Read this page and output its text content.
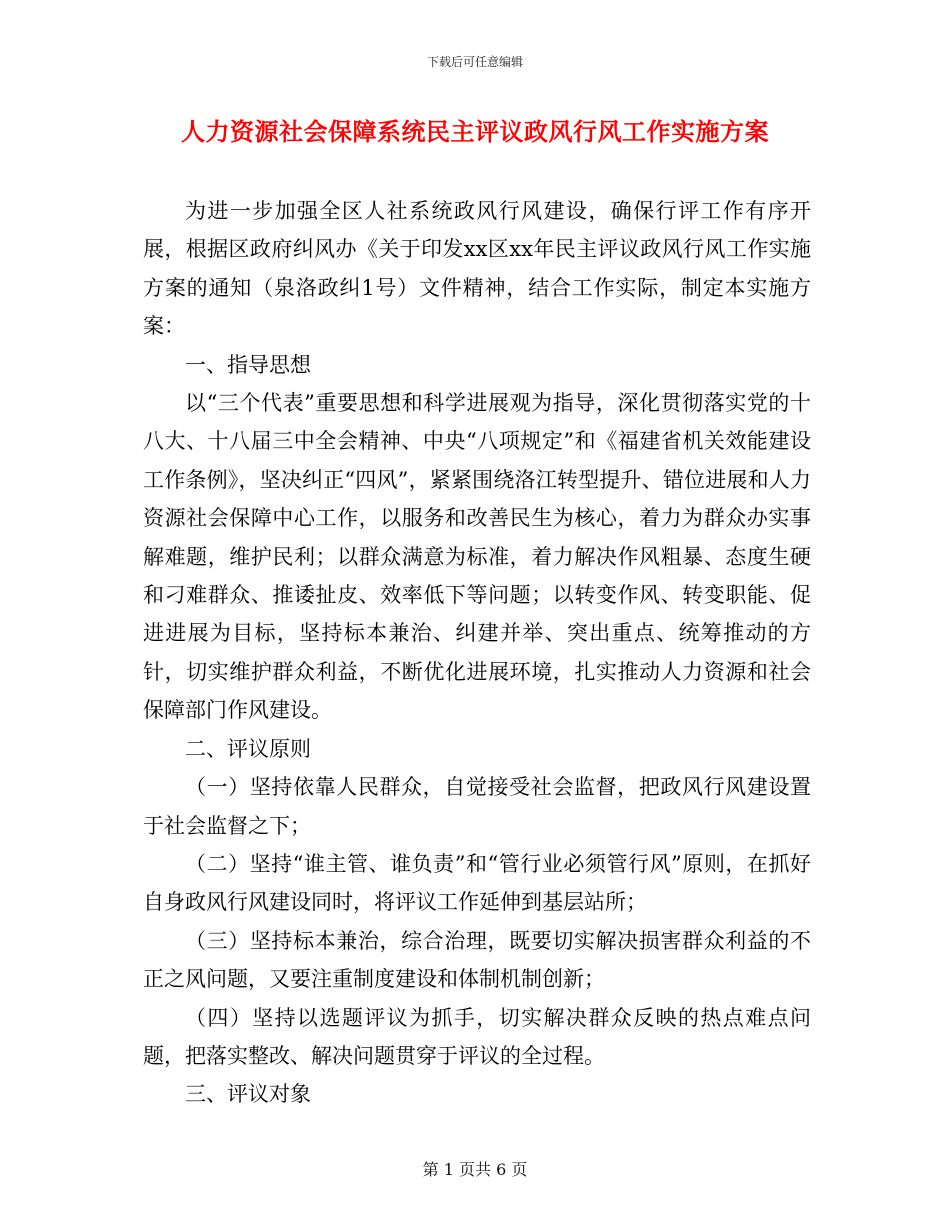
下载后可任意编辑
人力资源社会保障系统民主评议政风行风工作实施方案

为进一步加强全区人社系统政风行风建设，确保行评工作有序开展，根据区政府纠风办《关于印发xx区xx年民主评议政风行风工作实施方案的通知（泉洛政纠1号）文件精神，结合工作实际，制定本实施方案：

一、指导思想

以“三个代表”重要思想和科学进展观为指导，深化贯彻落实党的十八大、十八届三中全会精神、中央“八项规定”和《福建省机关效能建设工作条例》，坚决纠正“四风”，紧紧围绕洛江转型提升、错位进展和人力资源社会保障中心工作，以服务和改善民生为核心，着力为群众办实事解难题，维护民利；以群众满意为标准，着力解决作风粗暴、态度生硬和刁难群众、推诿扯皮、效率低下等问题；以转变作风、转变职能、促进进展为目标，坚持标本兼治、纠建并举、突出重点、统筹推动的方针，切实维护群众利益，不断优化进展环境，扎实推动人力资源和社会保障部门作风建设。

二、评议原则

（一）坚持依靠人民群众，自觉接受社会监督，把政风行风建设置于社会监督之下；

（二）坚持“谁主管、谁负责”和“管行业必须管行风”原则，在抓好自身政风行风建设同时，将评议工作延伸到基层站所；

（三）坚持标本兼治，综合治理，既要切实解决损害群众利益的不正之风问题，又要注重制度建设和体制机制创新；

（四）坚持以选题评议为抓手，切实解决群众反映的热点难点问题，把落实整改、解决问题贯穿于评议的全过程。

三、评议对象

第 1 页共 6 页
